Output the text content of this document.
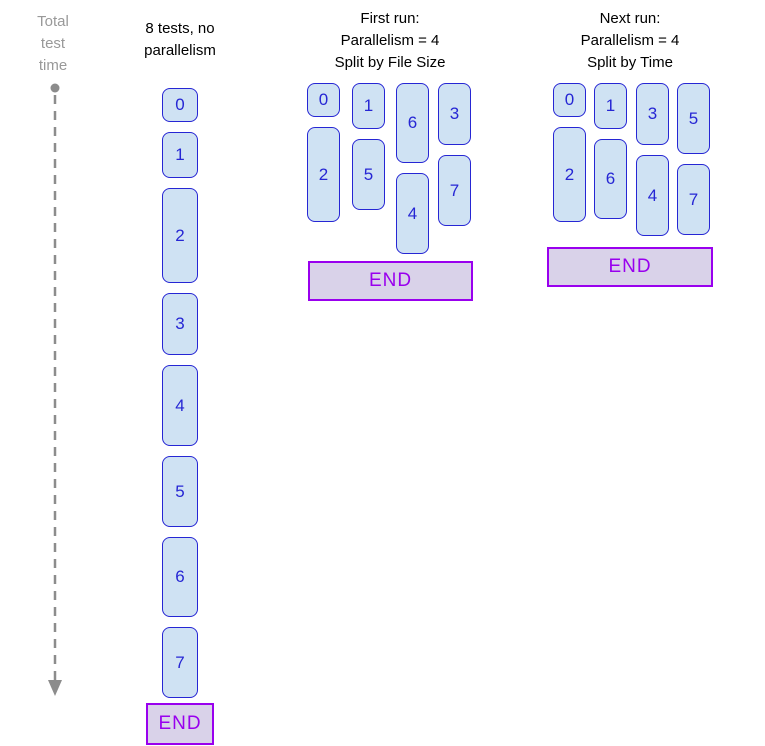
Total
test
time
8 tests, no
parallelism
First run:
Parallelism = 4
Split by File Size
Next run:
Parallelism = 4
Split by Time
0
1
2
3
4
5
6
7
0
2
1
5
6
4
3
7
0
2
1
6
3
4
5
7
END
END
END
